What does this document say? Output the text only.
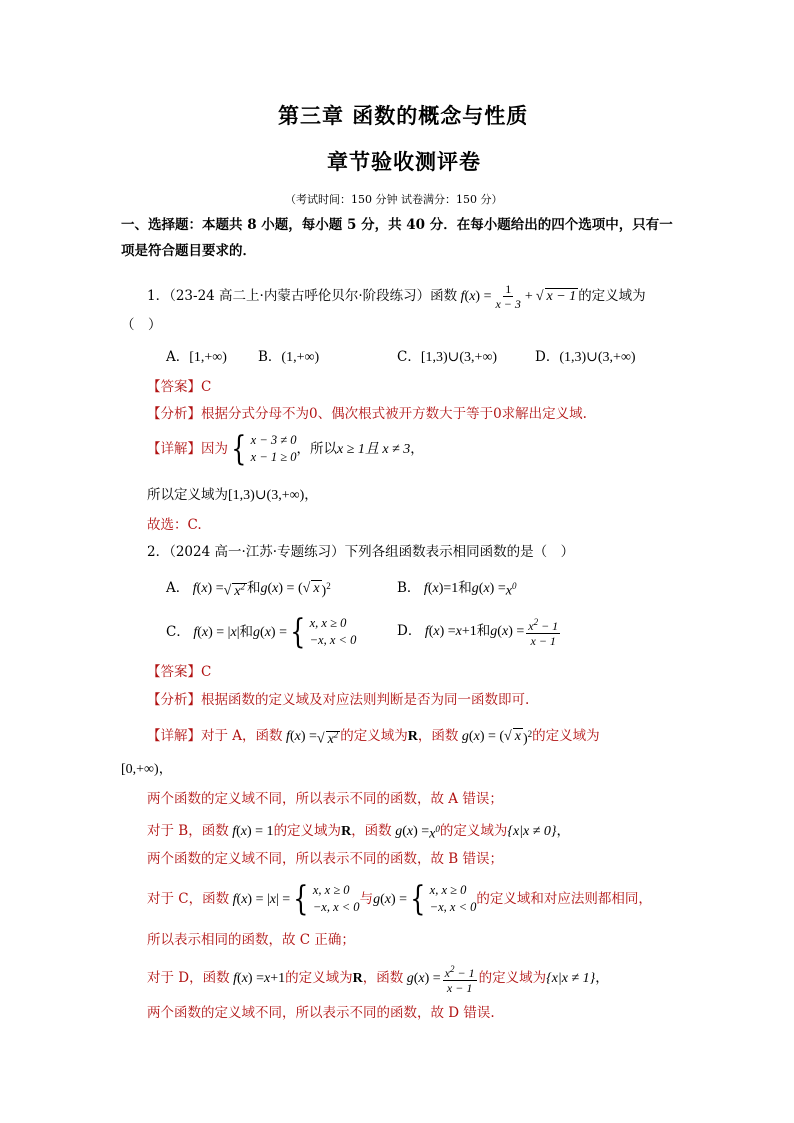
第三章 函数的概念与性质
章节验收测评卷
（考试时间：150 分钟 试卷满分：150 分）
一、选择题：本题共 8 小题，每小题 5 分，共 40 分．在每小题给出的四个选项中，只有一
项是符合题目要求的．
1．（23-24 高二上·内蒙古呼伦贝尔·阶段练习）函数 f ( x ) = $\frac{1}{x - 3}$ + √ x − 1 的定义域为
（　）
A．[1,+∞) B．(1,+∞)	C．[1,3)∪(3,+∞)	D．(1,3)∪(3,+∞)
【答案】C
【分析】根据分式分母不为0、偶次根式被开方数大于等于0求解出定义域.
【详解】 因为 { x − 3 ≠ 0
x − 1 ≥ 0
，所以 x ≥ 1且 x ≠ 3 ，
所以定义域为[1,3)∪(3,+∞)，
故选：C.
2．（2024 高一·江苏·专题练习）下列各组函数表示相同函数的是（　）
A． f ( x ) = √ $x^2$ 和 g ( x ) = ( √ x )$^2$	B． f ( x )=1 和 g ( x ) = $x^0$
C． f ( x ) = | x | 和 g ( x ) = { x, x ≥ 0
−x, x < 0
D． f ( x ) = x +1 和 g ( x ) = $\frac{x^2 - 1}{x - 1}$
【答案】C
【分析】根据函数的定义域及对应法则判断是否为同一函数即可.
【详解】 对于 A，函数 f ( x ) = √ $x^2$ 的定义域为 R ，函数 g ( x ) = ( √ x )$^2$ 的定义域为
[0,+∞)，
两个函数的定义域不同，所以表示不同的函数，故 A 错误；
对于 B，函数 f ( x ) = 1 的定义域为 R ，函数 g ( x ) = $x^0$ 的定义域为 {x|x ≠ 0} ，
两个函数的定义域不同，所以表示不同的函数，故 B 错误；
对于 C，函数 f ( x ) = | x | = { x, x ≥ 0
−x, x < 0
与 g ( x ) = { x, x ≥ 0
−x, x < 0
的定义域和对应法则都相同，
所以表示相同的函数，故 C 正确；
对于 D，函数 f ( x ) = x +1 的定义域为 R ，函数 g ( x ) = $\frac{x^2 - 1}{x - 1}$ 的定义域为 {x|x ≠ 1} ，
两个函数的定义域不同，所以表示不同的函数，故 D 错误.
